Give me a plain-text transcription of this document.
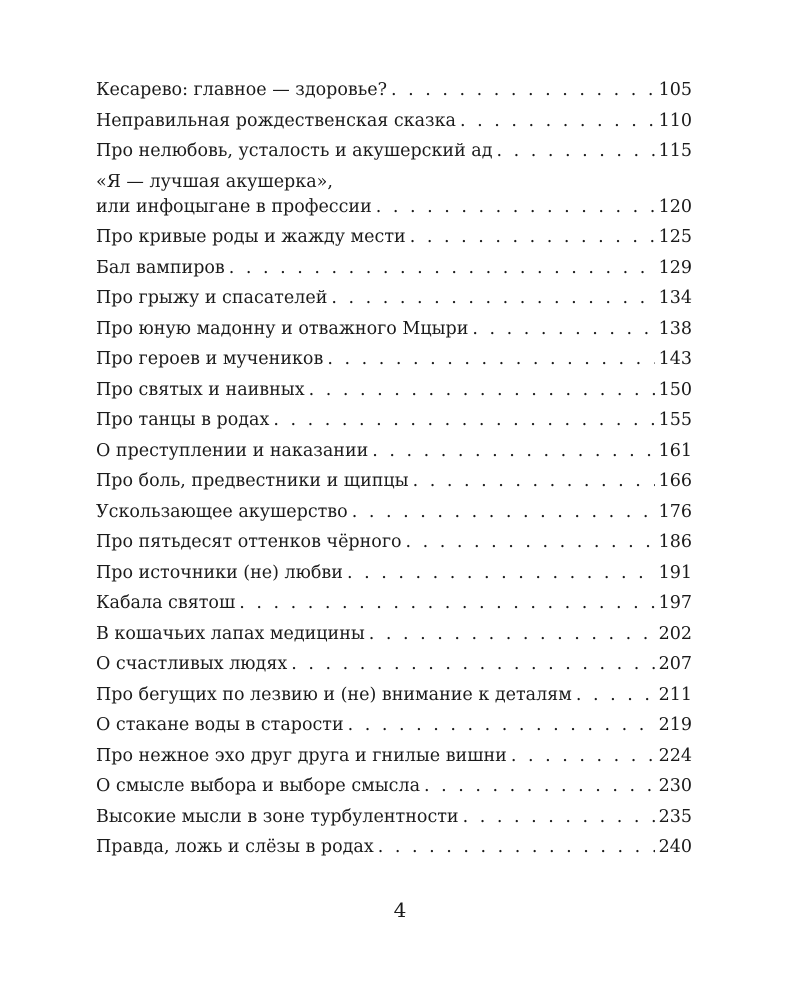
Кесарево: главное — здоровье? . . .	105
Неправильная рождественская сказка . . .	110
Про нелюбовь, усталость и акушерский ад . . .	115
«Я — лучшая акушерка»,
или инфоцыгане в профессии . . .	120
Про кривые роды и жажду мести . . .	125
Бал вампиров . . .	129
Про грыжу и спасателей . . .	134
Про юную мадонну и отважного Мцыри . . .	138
Про героев и мучеников . . .	143
Про святых и наивных . . .	150
Про танцы в родах . . .	155
О преступлении и наказании . . .	161
Про боль, предвестники и щипцы . . .	166
Ускользающее акушерство . . .	176
Про пятьдесят оттенков чёрного . . .	186
Про источники (не) любви . . .	191
Кабала святош . . .	197
В кошачьих лапах медицины . . .	202
О счастливых людях . . .	207
Про бегущих по лезвию и (не) внимание к деталям . . .	211
О стакане воды в старости . . .	219
Про нежное эхо друг друга и гнилые вишни . . .	224
О смысле выбора и выборе смысла . . .	230
Высокие мысли в зоне турбулентности . . .	235
Правда, ложь и слёзы в родах . . .	240
4
